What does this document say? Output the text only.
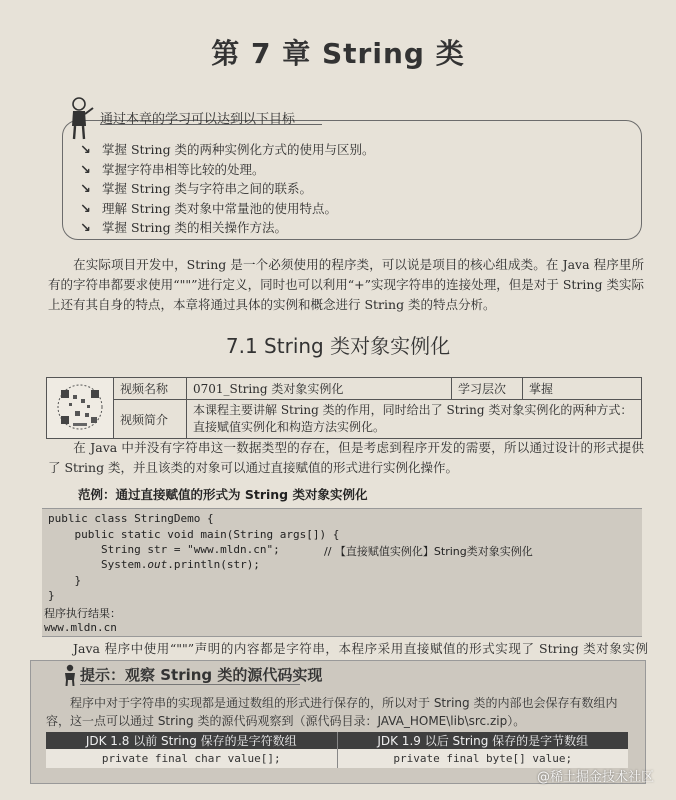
第 7 章 String 类
通过本章的学习可以达到以下目标
↘ 掌握 String 类的两种实例化方式的使用与区别。
↘ 掌握字符串相等比较的处理。
↘ 掌握 String 类与字符串之间的联系。
↘ 理解 String 类对象中常量池的使用特点。
↘ 掌握 String 类的相关操作方法。
  在实际项目开发中，String 是一个必须使用的程序类，可以说是项目的核心组成类。在 Java 程序里所有的字符串都要求使用“""”进行定义，同时也可以利用“+”实现字符串的连接处理，但是对于 String 类实际上还有其自身的特点，本章将通过具体的实例和概念进行 String 类的特点分析。
7.1 String 类对象实例化
	视频名称	0701_String 类对象实例化	学习层次	掌握
	视频简介	本课程主要讲解 String 类的作用，同时给出了 String 类对象实例化的两种方式：直接赋值实例化和构造方法实例化。		
  在 Java 中并没有字符串这一数据类型的存在，但是考虑到程序开发的需要，所以通过设计的形式提供了 String 类，并且该类的对象可以通过直接赋值的形式进行实例化操作。
范例：通过直接赋值的形式为 String 类对象实例化
public class StringDemo {
public static void main(String args[]) {
String str = "www.mldn.cn";	// 【直接赋值实例化】String类对象实例化
System.out.println(str);
}
}
程序执行结果：
www.mldn.cn
  Java 程序中使用“""”声明的内容都是字符串，本程序采用直接赋值的形式实现了 String 类对象实例
提示：观察 String 类的源代码实现
  程序中对于字符串的实现都是通过数组的形式进行保存的，所以对于 String 类的内部也会保存有数组内容，这一点可以通过 String 类的源代码观察到（源代码目录：JAVA_HOME\lib\src.zip）。
JDK 1.8 以前 String 保存的是字符数组	JDK 1.9 以后 String 保存的是字节数组
private final char value[];	private final byte[] value;
@稀土掘金技术社区
